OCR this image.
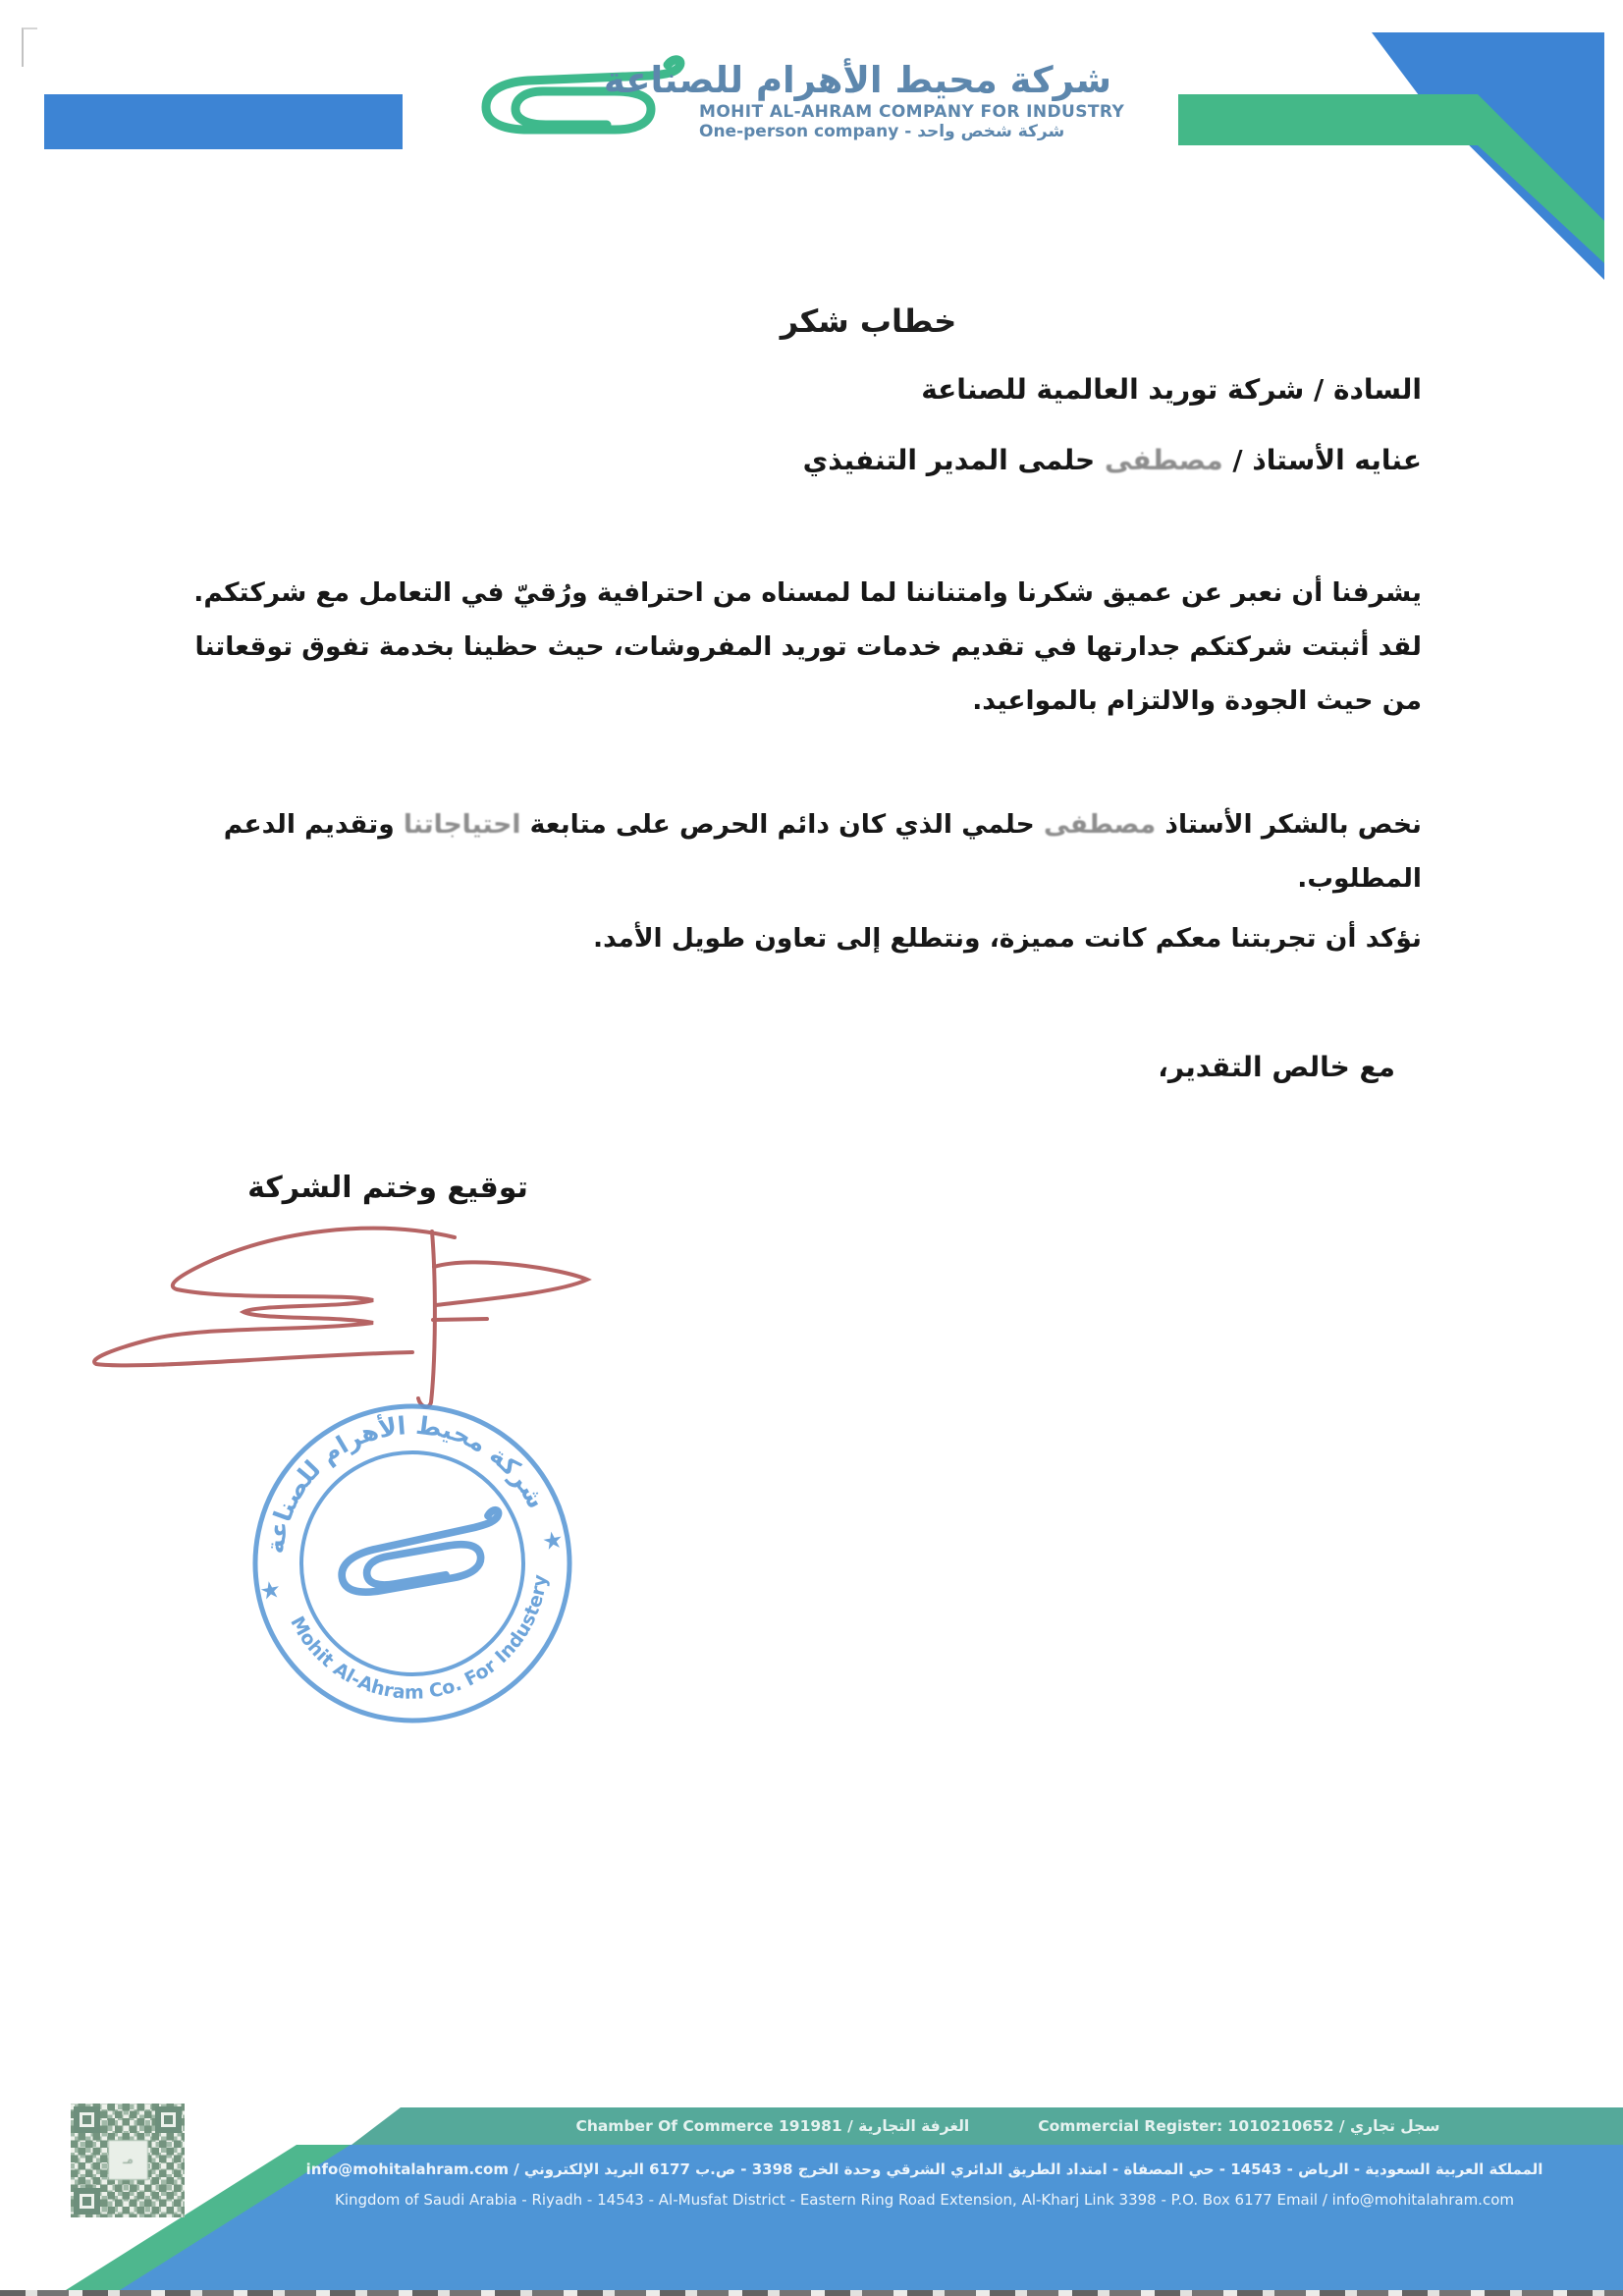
شركة محيط الأهرام للصناعة
MOHIT AL-AHRAM COMPANY FOR INDUSTRY
One-person company - شركة شخص واحد
خطاب شكر
السادة / شركة توريد العالمية للصناعة
عنايه الأستاذ / مصطفى حلمى المدير التنفيذي
يشرفنا أن نعبر عن عميق شكرنا وامتناننا لما لمسناه من احترافية ورُقيّ في التعامل مع شركتكم.
لقد أثبتت شركتكم جدارتها في تقديم خدمات توريد المفروشات، حيث حظينا بخدمة تفوق توقعاتنا
من حيث الجودة والالتزام بالمواعيد.
نخص بالشكر الأستاذ مصطفى حلمي الذي كان دائم الحرص على متابعة احتياجاتنا وتقديم الدعم
المطلوب.
نؤكد أن تجربتنا معكم كانت مميزة، ونتطلع إلى تعاون طويل الأمد.
مع خالص التقدير،
توقيع وختم الشركة
شركة محيط الأهرام للصناعة
Mohit Al-Ahram Co. For Industery
★
★
Chamber Of Commerce 191981 / الغرفة التجارية	Commercial Register: 1010210652 / سجل تجاري
المملكة العربية السعودية - الرياض - 14543 - حي المصفاة - امتداد الطريق الدائري الشرقي وحدة الخرج 3398 - ص.ب 6177 البريد الإلكتروني / info@mohitalahram.com
Kingdom of Saudi Arabia - Riyadh - 14543 - Al-Musfat District - Eastern Ring Road Extension, Al-Kharj Link 3398 - P.O. Box 6177 Email / info@mohitalahram.com
مـ
